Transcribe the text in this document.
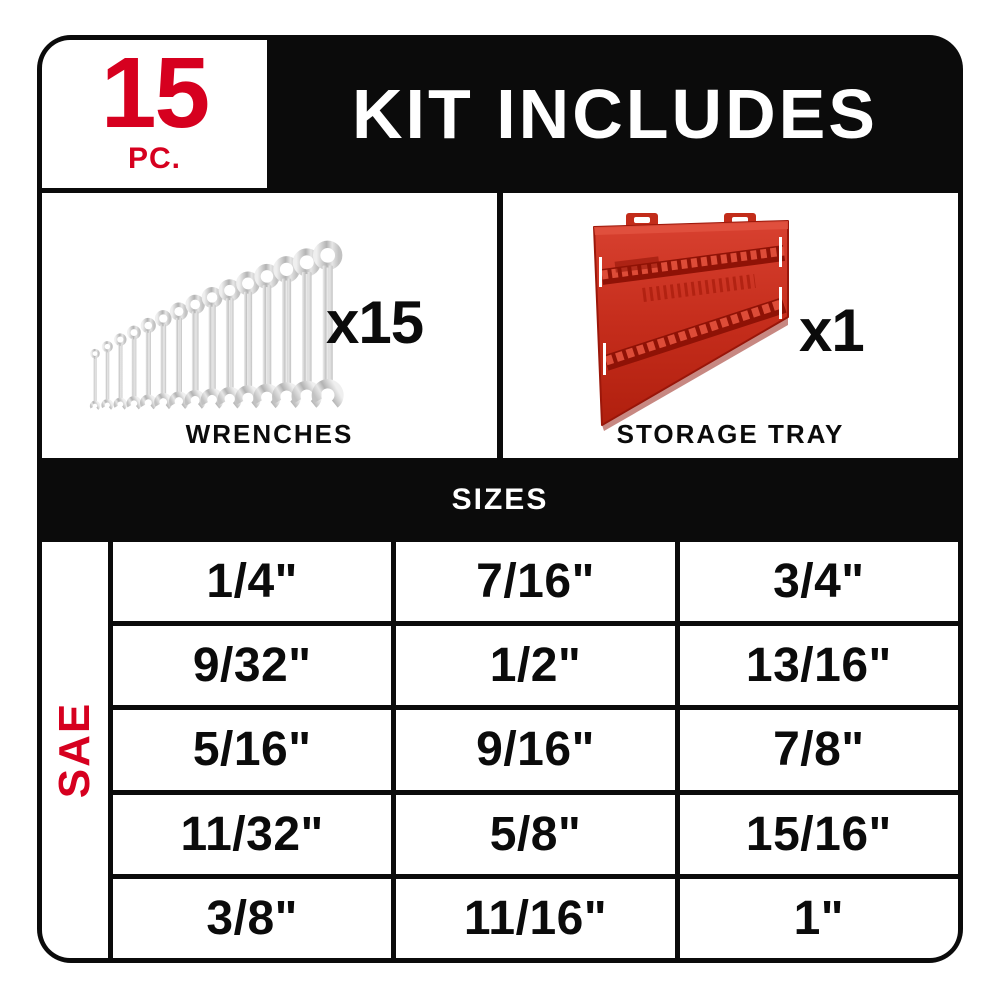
15
PC.
KIT INCLUDES
x15
WRENCHES
x1
STORAGE TRAY
SIZES
SAE
1/4"	7/16"	3/4"
9/32"	1/2"	13/16"
5/16"	9/16"	7/8"
11/32"	5/8"	15/16"
3/8"	11/16"	1"
